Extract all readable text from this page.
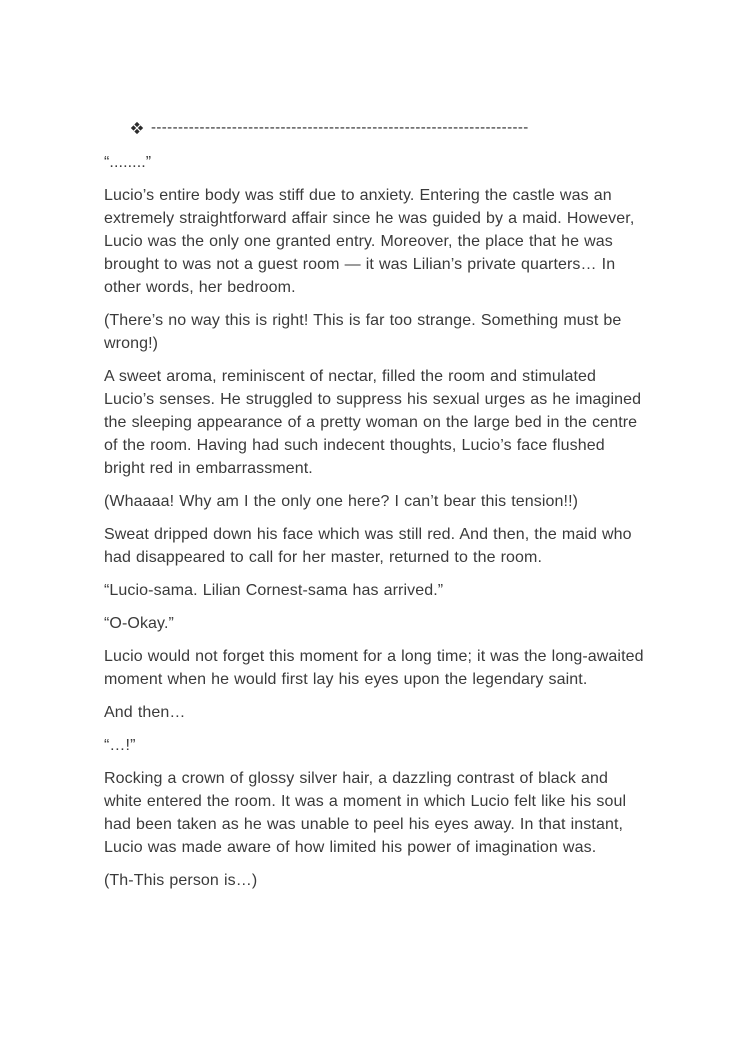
----------------------------------------------------------------------

“........”

Lucio’s entire body was stiff due to anxiety. Entering the castle was an extremely straightforward affair since he was guided by a maid. However, Lucio was the only one granted entry. Moreover, the place that he was brought to was not a guest room — it was Lilian’s private quarters… In other words, her bedroom.

(There’s no way this is right! This is far too strange. Something must be wrong!)

A sweet aroma, reminiscent of nectar, filled the room and stimulated Lucio’s senses. He struggled to suppress his sexual urges as he imagined the sleeping appearance of a pretty woman on the large bed in the centre of the room. Having had such indecent thoughts, Lucio’s face flushed bright red in embarrassment.

(Whaaaa! Why am I the only one here? I can’t bear this tension!!)

Sweat dripped down his face which was still red. And then, the maid who had disappeared to call for her master, returned to the room.

“Lucio-sama. Lilian Cornest-sama has arrived.”

“O-Okay.”

Lucio would not forget this moment for a long time; it was the long-awaited moment when he would first lay his eyes upon the legendary saint.

And then…

“…!”

Rocking a crown of glossy silver hair, a dazzling contrast of black and white entered the room. It was a moment in which Lucio felt like his soul had been taken as he was unable to peel his eyes away. In that instant, Lucio was made aware of how limited his power of imagination was.

(Th-This person is…)
